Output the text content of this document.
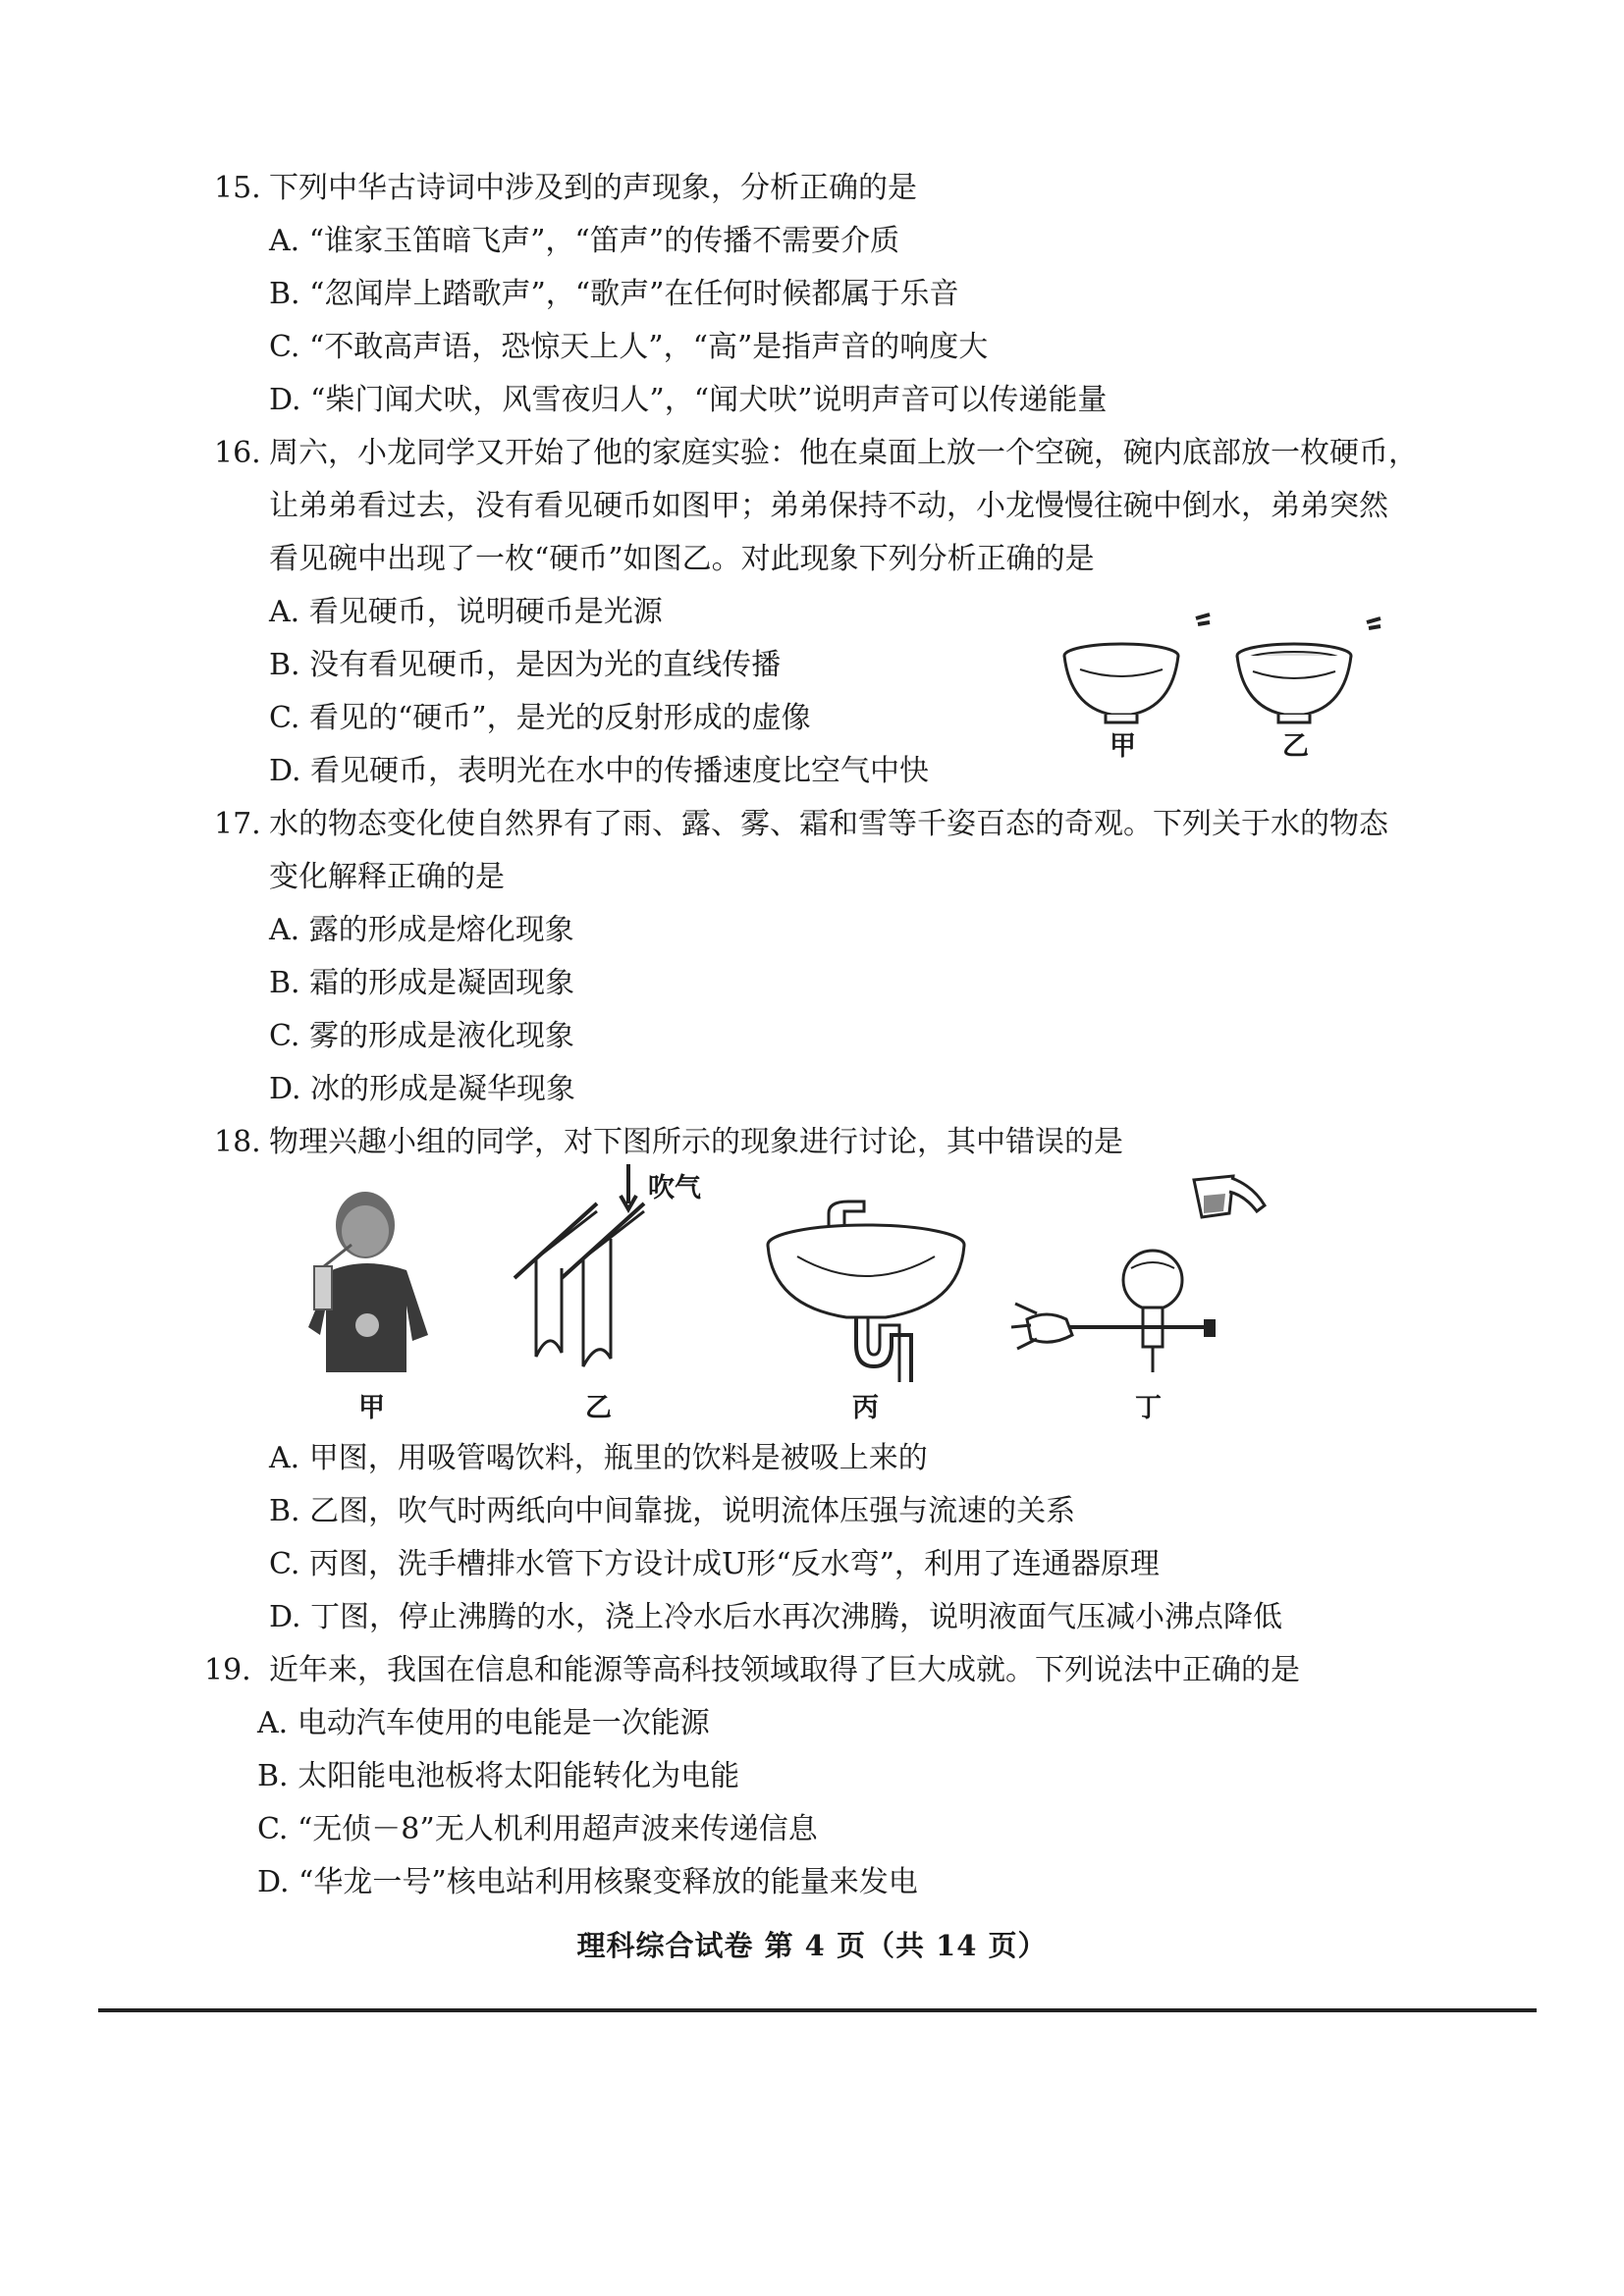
15. 下列中华古诗词中涉及到的声现象，分析正确的是
A. “谁家玉笛暗飞声”，“笛声”的传播不需要介质
B. “忽闻岸上踏歌声”，“歌声”在任何时候都属于乐音
C. “不敢高声语，恐惊天上人”，“高”是指声音的响度大
D. “柴门闻犬吠，风雪夜归人”，“闻犬吠”说明声音可以传递能量
16. 周六，小龙同学又开始了他的家庭实验：他在桌面上放一个空碗，碗内底部放一枚硬币，
让弟弟看过去，没有看见硬币如图甲；弟弟保持不动，小龙慢慢往碗中倒水，弟弟突然
看见碗中出现了一枚“硬币”如图乙。对此现象下列分析正确的是
A. 看见硬币，说明硬币是光源
B. 没有看见硬币，是因为光的直线传播
C. 看见的“硬币”，是光的反射形成的虚像
D. 看见硬币，表明光在水中的传播速度比空气中快
甲	乙
17. 水的物态变化使自然界有了雨、露、雾、霜和雪等千姿百态的奇观。下列关于水的物态
变化解释正确的是
A. 露的形成是熔化现象
B. 霜的形成是凝固现象
C. 雾的形成是液化现象
D. 冰的形成是凝华现象
18. 物理兴趣小组的同学，对下图所示的现象进行讨论，其中错误的是
甲
吹气
乙	丙	丁
A. 甲图，用吸管喝饮料，瓶里的饮料是被吸上来的
B. 乙图，吹气时两纸向中间靠拢，说明流体压强与流速的关系
C. 丙图，洗手槽排水管下方设计成U形“反水弯”，利用了连通器原理
D. 丁图，停止沸腾的水，浇上冷水后水再次沸腾，说明液面气压减小沸点降低
19. 近年来，我国在信息和能源等高科技领域取得了巨大成就。下列说法中正确的是
A. 电动汽车使用的电能是一次能源
B. 太阳能电池板将太阳能转化为电能
C. “无侦－8”无人机利用超声波来传递信息
D. “华龙一号”核电站利用核聚变释放的能量来发电
理科综合试卷 第 4 页（共 14 页）
